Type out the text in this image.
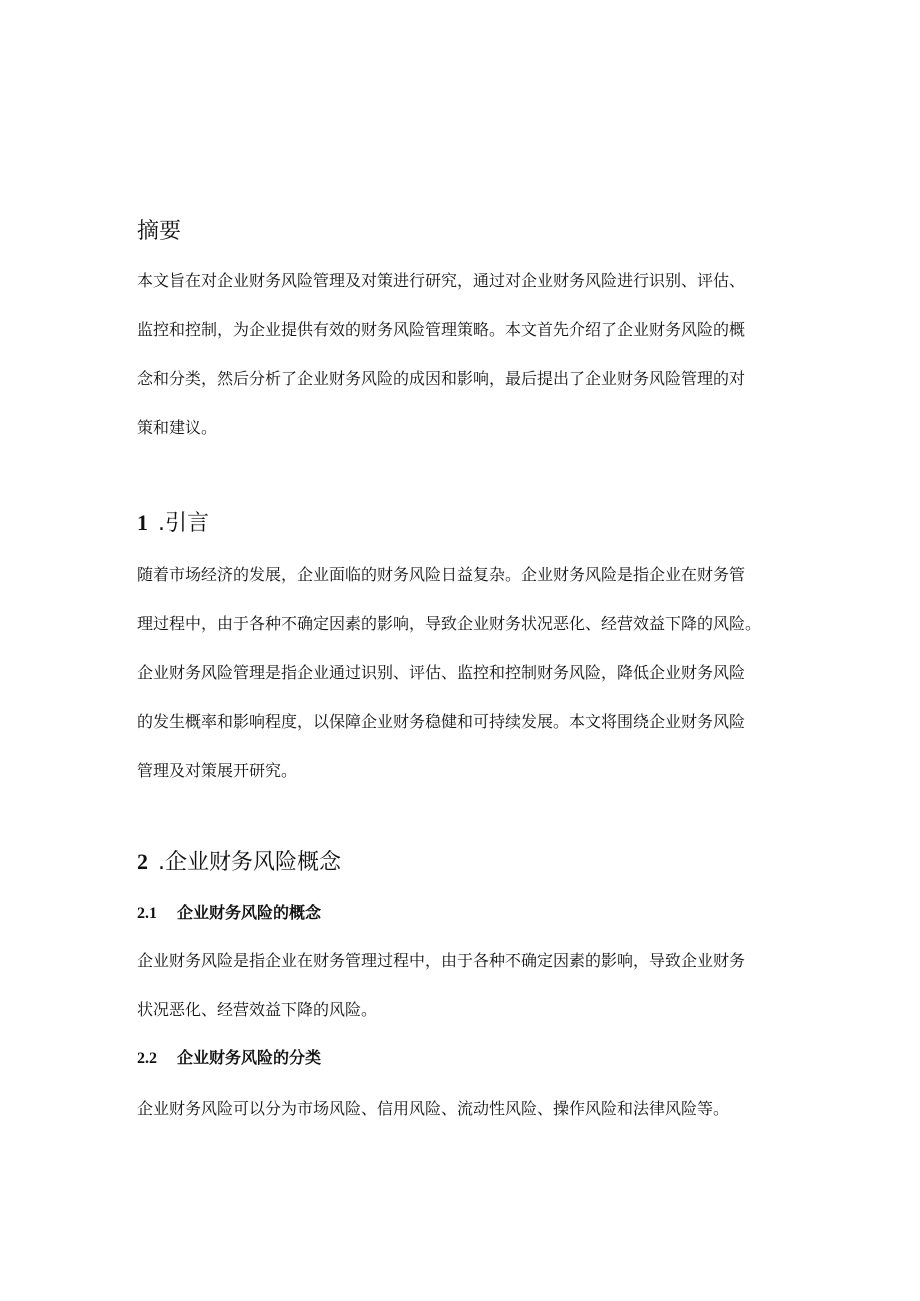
摘要
本文旨在对企业财务风险管理及对策进行研究，通过对企业财务风险进行识别、评估、
监控和控制，为企业提供有效的财务风险管理策略。本文首先介绍了企业财务风险的概
念和分类，然后分析了企业财务风险的成因和影响，最后提出了企业财务风险管理的对
策和建议。
1 .引言
随着市场经济的发展，企业面临的财务风险日益复杂。企业财务风险是指企业在财务管
理过程中，由于各种不确定因素的影响，导致企业财务状况恶化、经营效益下降的风险。
企业财务风险管理是指企业通过识别、评估、监控和控制财务风险，降低企业财务风险
的发生概率和影响程度，以保障企业财务稳健和可持续发展。本文将围绕企业财务风险
管理及对策展开研究。
2 .企业财务风险概念
2.1 企业财务风险的概念
企业财务风险是指企业在财务管理过程中，由于各种不确定因素的影响，导致企业财务
状况恶化、经营效益下降的风险。
2.2 企业财务风险的分类
企业财务风险可以分为市场风险、信用风险、流动性风险、操作风险和法律风险等。
